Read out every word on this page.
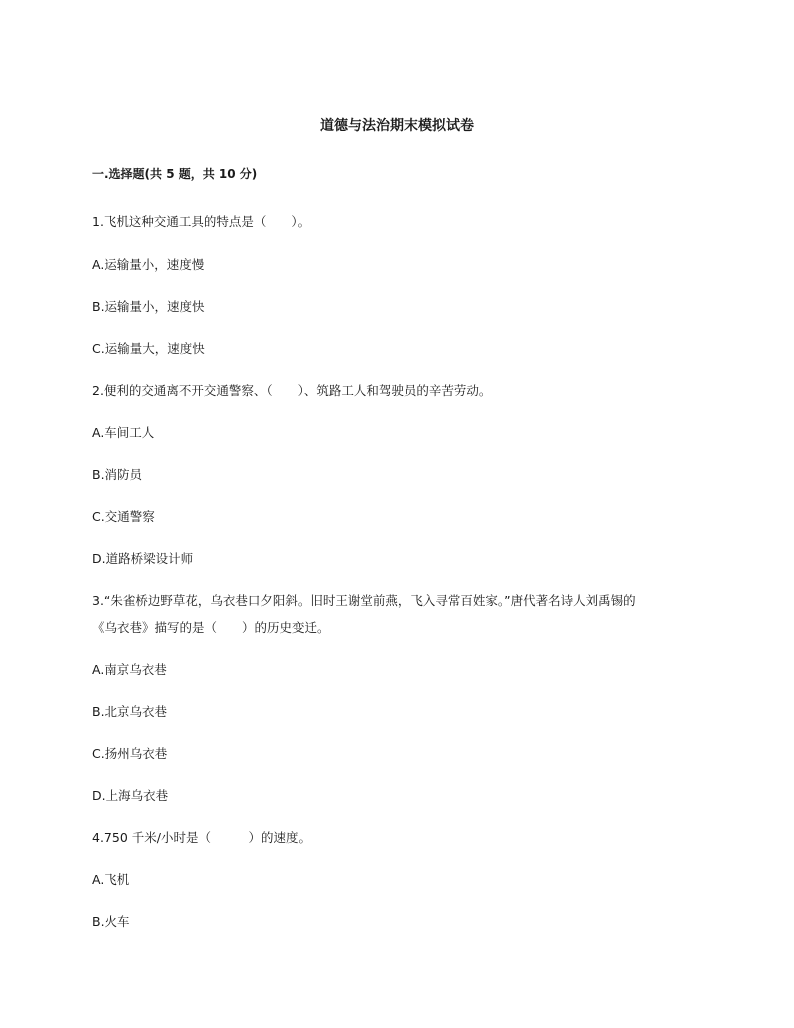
道德与法治期末模拟试卷
一.选择题(共 5 题，共 10 分)
1.飞机这种交通工具的特点是（　　）。
A.运输量小，速度慢
B.运输量小，速度快
C.运输量大，速度快
2.便利的交通离不开交通警察、（　　）、筑路工人和驾驶员的辛苦劳动。
A.车间工人
B.消防员
C.交通警察
D.道路桥梁设计师
3.“朱雀桥边野草花，乌衣巷口夕阳斜。旧时王谢堂前燕，飞入寻常百姓家。”唐代著名诗人刘禹锡的
《乌衣巷》描写的是（　　）的历史变迁。
A.南京乌衣巷
B.北京乌衣巷
C.扬州乌衣巷
D.上海乌衣巷
4.750 千米/小时是（　　　）的速度。
A.飞机
B.火车
